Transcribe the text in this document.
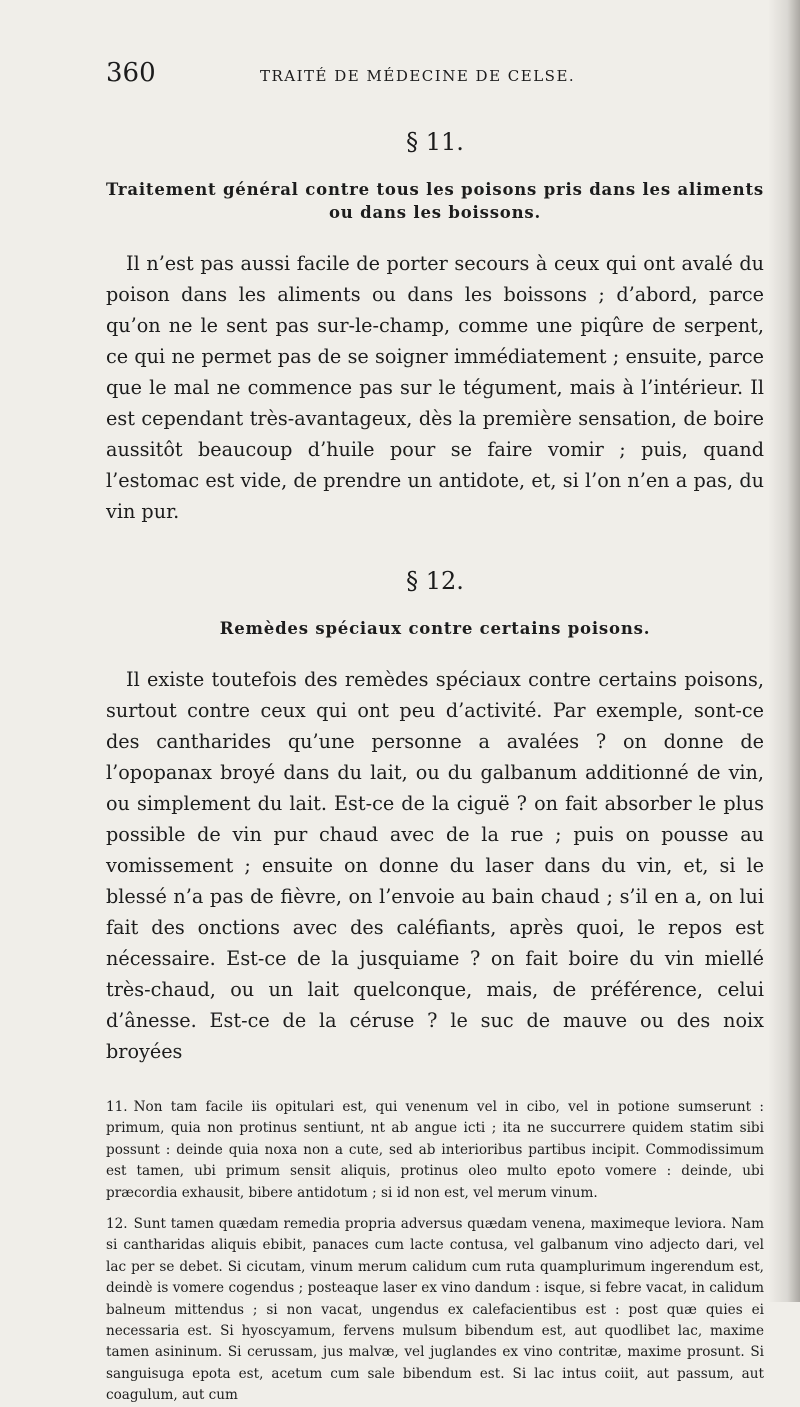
360	TRAITÉ DE MÉDECINE DE CELSE.

§ 11.

Traitement général contre tous les poisons pris dans les aliments ou dans les boissons.

Il n’est pas aussi facile de porter secours à ceux qui ont avalé du poison dans les aliments ou dans les boissons ; d’abord, parce qu’on ne le sent pas sur-le-champ, comme une piqûre de serpent, ce qui ne permet pas de se soigner immédiatement ; ensuite, parce que le mal ne commence pas sur le tégument, mais à l’intérieur. Il est cependant très-avantageux, dès la première sensation, de boire aussitôt beaucoup d’huile pour se faire vomir ; puis, quand l’estomac est vide, de prendre un antidote, et, si l’on n’en a pas, du vin pur.

§ 12.

Remèdes spéciaux contre certains poisons.

Il existe toutefois des remèdes spéciaux contre certains poisons, surtout contre ceux qui ont peu d’activité. Par exemple, sont-ce des cantharides qu’une personne a avalées ? on donne de l’opopanax broyé dans du lait, ou du galbanum additionné de vin, ou simplement du lait. Est-ce de la ciguë ? on fait absorber le plus possible de vin pur chaud avec de la rue ; puis on pousse au vomissement ; ensuite on donne du laser dans du vin, et, si le blessé n’a pas de fièvre, on l’envoie au bain chaud ; s’il en a, on lui fait des onctions avec des caléfiants, après quoi, le repos est nécessaire. Est-ce de la jusquiame ? on fait boire du vin miellé très-chaud, ou un lait quelconque, mais, de préférence, celui d’ânesse. Est-ce de la céruse ? le suc de mauve ou des noix broyées

11. Non tam facile iis opitulari est, qui venenum vel in cibo, vel in potione sumserunt : primum, quia non protinus sentiunt, nt ab angue icti ; ita ne succurrere quidem statim sibi possunt : deinde quia noxa non a cute, sed ab interioribus partibus incipit. Commodissimum est tamen, ubi primum sensit aliquis, protinus oleo multo epoto vomere : deinde, ubi præcordia exhausit, bibere antidotum ; si id non est, vel merum vinum.

12. Sunt tamen quædam remedia propria adversus quædam venena, maximeque leviora. Nam si cantharidas aliquis ebibit, panaces cum lacte contusa, vel galbanum vino adjecto dari, vel lac per se debet. Si cicutam, vinum merum calidum cum ruta quamplurimum ingerendum est, deindè is vomere cogendus ; posteaque laser ex vino dandum : isque, si febre vacat, in calidum balneum mittendus ; si non vacat, ungendus ex calefacientibus est : post quæ quies ei necessaria est. Si hyoscyamum, fervens mulsum bibendum est, aut quodlibet lac, maxime tamen asininum. Si cerussam, jus malvæ, vel juglandes ex vino contritæ, maxime prosunt. Si sanguisuga epota est, acetum cum sale bibendum est. Si lac intus coiit, aut passum, aut coagulum, aut cum
